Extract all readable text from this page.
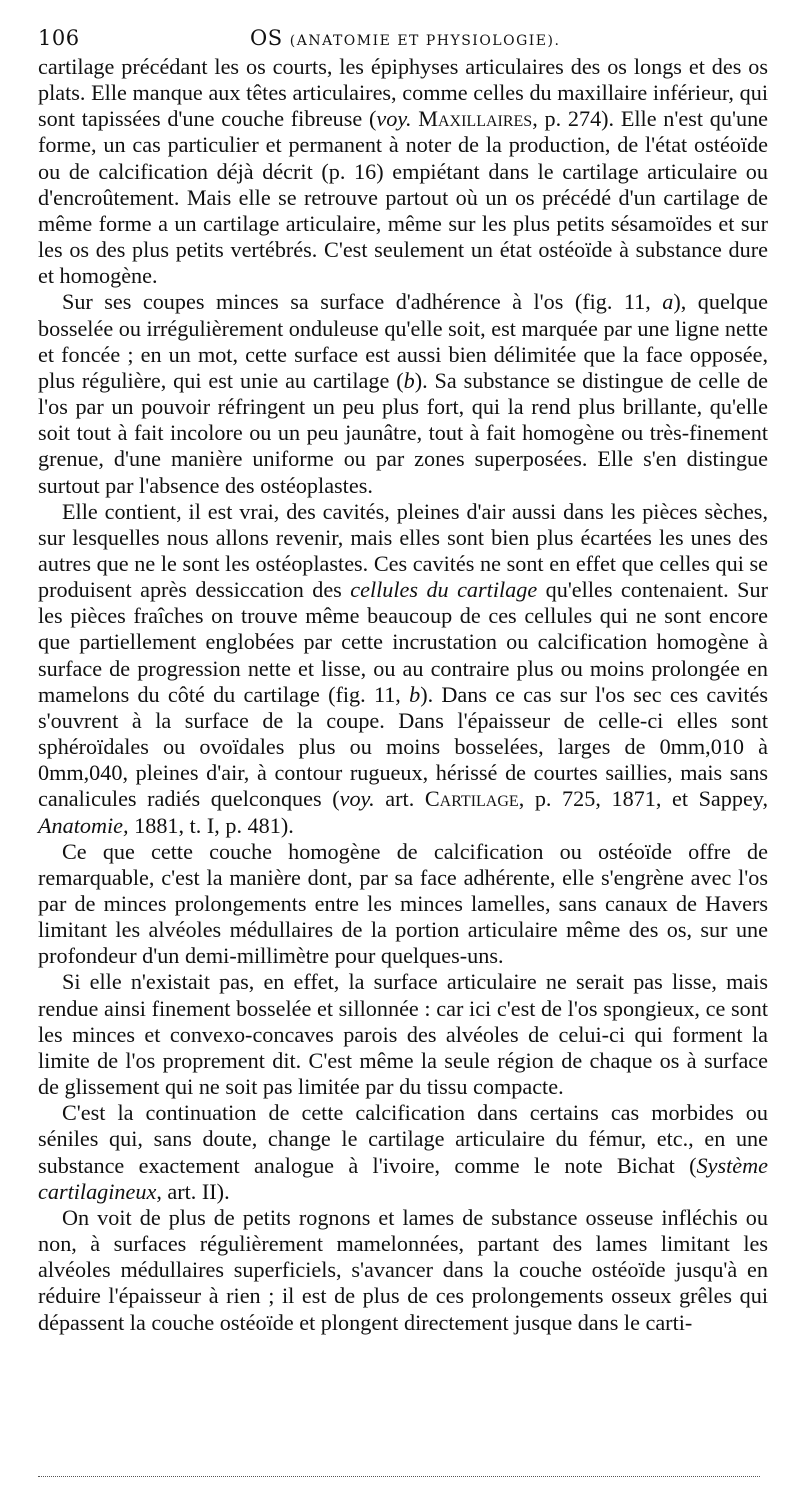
106	OS (ANATOMIE ET PHYSIOLOGIE).

cartilage précédant les os courts, les épiphyses articulaires des os longs et des os plats. Elle manque aux têtes articulaires, comme celles du maxillaire inférieur, qui sont tapissées d'une couche fibreuse (voy. Maxillaires, p. 274). Elle n'est qu'une forme, un cas particulier et permanent à noter de la production, de l'état ostéoïde ou de calcification déjà décrit (p. 16) empiétant dans le cartilage articulaire ou d'encroûtement. Mais elle se retrouve partout où un os précédé d'un cartilage de même forme a un cartilage articulaire, même sur les plus petits sésamoïdes et sur les os des plus petits vertébrés. C'est seulement un état ostéoïde à substance dure et homogène.

Sur ses coupes minces sa surface d'adhérence à l'os (fig. 11, a), quelque bosselée ou irrégulièrement onduleuse qu'elle soit, est marquée par une ligne nette et foncée ; en un mot, cette surface est aussi bien délimitée que la face opposée, plus régulière, qui est unie au cartilage (b). Sa substance se distingue de celle de l'os par un pouvoir réfringent un peu plus fort, qui la rend plus brillante, qu'elle soit tout à fait incolore ou un peu jaunâtre, tout à fait homogène ou très-finement grenue, d'une manière uniforme ou par zones superposées. Elle s'en distingue surtout par l'absence des ostéoplastes.

Elle contient, il est vrai, des cavités, pleines d'air aussi dans les pièces sèches, sur lesquelles nous allons revenir, mais elles sont bien plus écartées les unes des autres que ne le sont les ostéoplastes. Ces cavités ne sont en effet que celles qui se produisent après dessiccation des cellules du cartilage qu'elles contenaient. Sur les pièces fraîches on trouve même beaucoup de ces cellules qui ne sont encore que partiellement englobées par cette incrustation ou calcification homogène à surface de progression nette et lisse, ou au contraire plus ou moins prolongée en mamelons du côté du cartilage (fig. 11, b). Dans ce cas sur l'os sec ces cavités s'ouvrent à la surface de la coupe. Dans l'épaisseur de celle-ci elles sont sphéroïdales ou ovoïdales plus ou moins bosselées, larges de 0mm,010 à 0mm,040, pleines d'air, à contour rugueux, hérissé de courtes saillies, mais sans canalicules radiés quelconques (voy. art. Cartilage, p. 725, 1871, et Sappey, Anatomie, 1881, t. I, p. 481).

Ce que cette couche homogène de calcification ou ostéoïde offre de remarquable, c'est la manière dont, par sa face adhérente, elle s'engrène avec l'os par de minces prolongements entre les minces lamelles, sans canaux de Havers limitant les alvéoles médullaires de la portion articulaire même des os, sur une profondeur d'un demi-millimètre pour quelques-uns.

Si elle n'existait pas, en effet, la surface articulaire ne serait pas lisse, mais rendue ainsi finement bosselée et sillonnée : car ici c'est de l'os spongieux, ce sont les minces et convexo-concaves parois des alvéoles de celui-ci qui forment la limite de l'os proprement dit. C'est même la seule région de chaque os à surface de glissement qui ne soit pas limitée par du tissu compacte.

C'est la continuation de cette calcification dans certains cas morbides ou séniles qui, sans doute, change le cartilage articulaire du fémur, etc., en une substance exactement analogue à l'ivoire, comme le note Bichat (Système cartilagineux, art. II).

On voit de plus de petits rognons et lames de substance osseuse infléchis ou non, à surfaces régulièrement mamelonnées, partant des lames limitant les alvéoles médullaires superficiels, s'avancer dans la couche ostéoïde jusqu'à en réduire l'épaisseur à rien ; il est de plus de ces prolongements osseux grêles qui dépassent la couche ostéoïde et plongent directement jusque dans le carti-
